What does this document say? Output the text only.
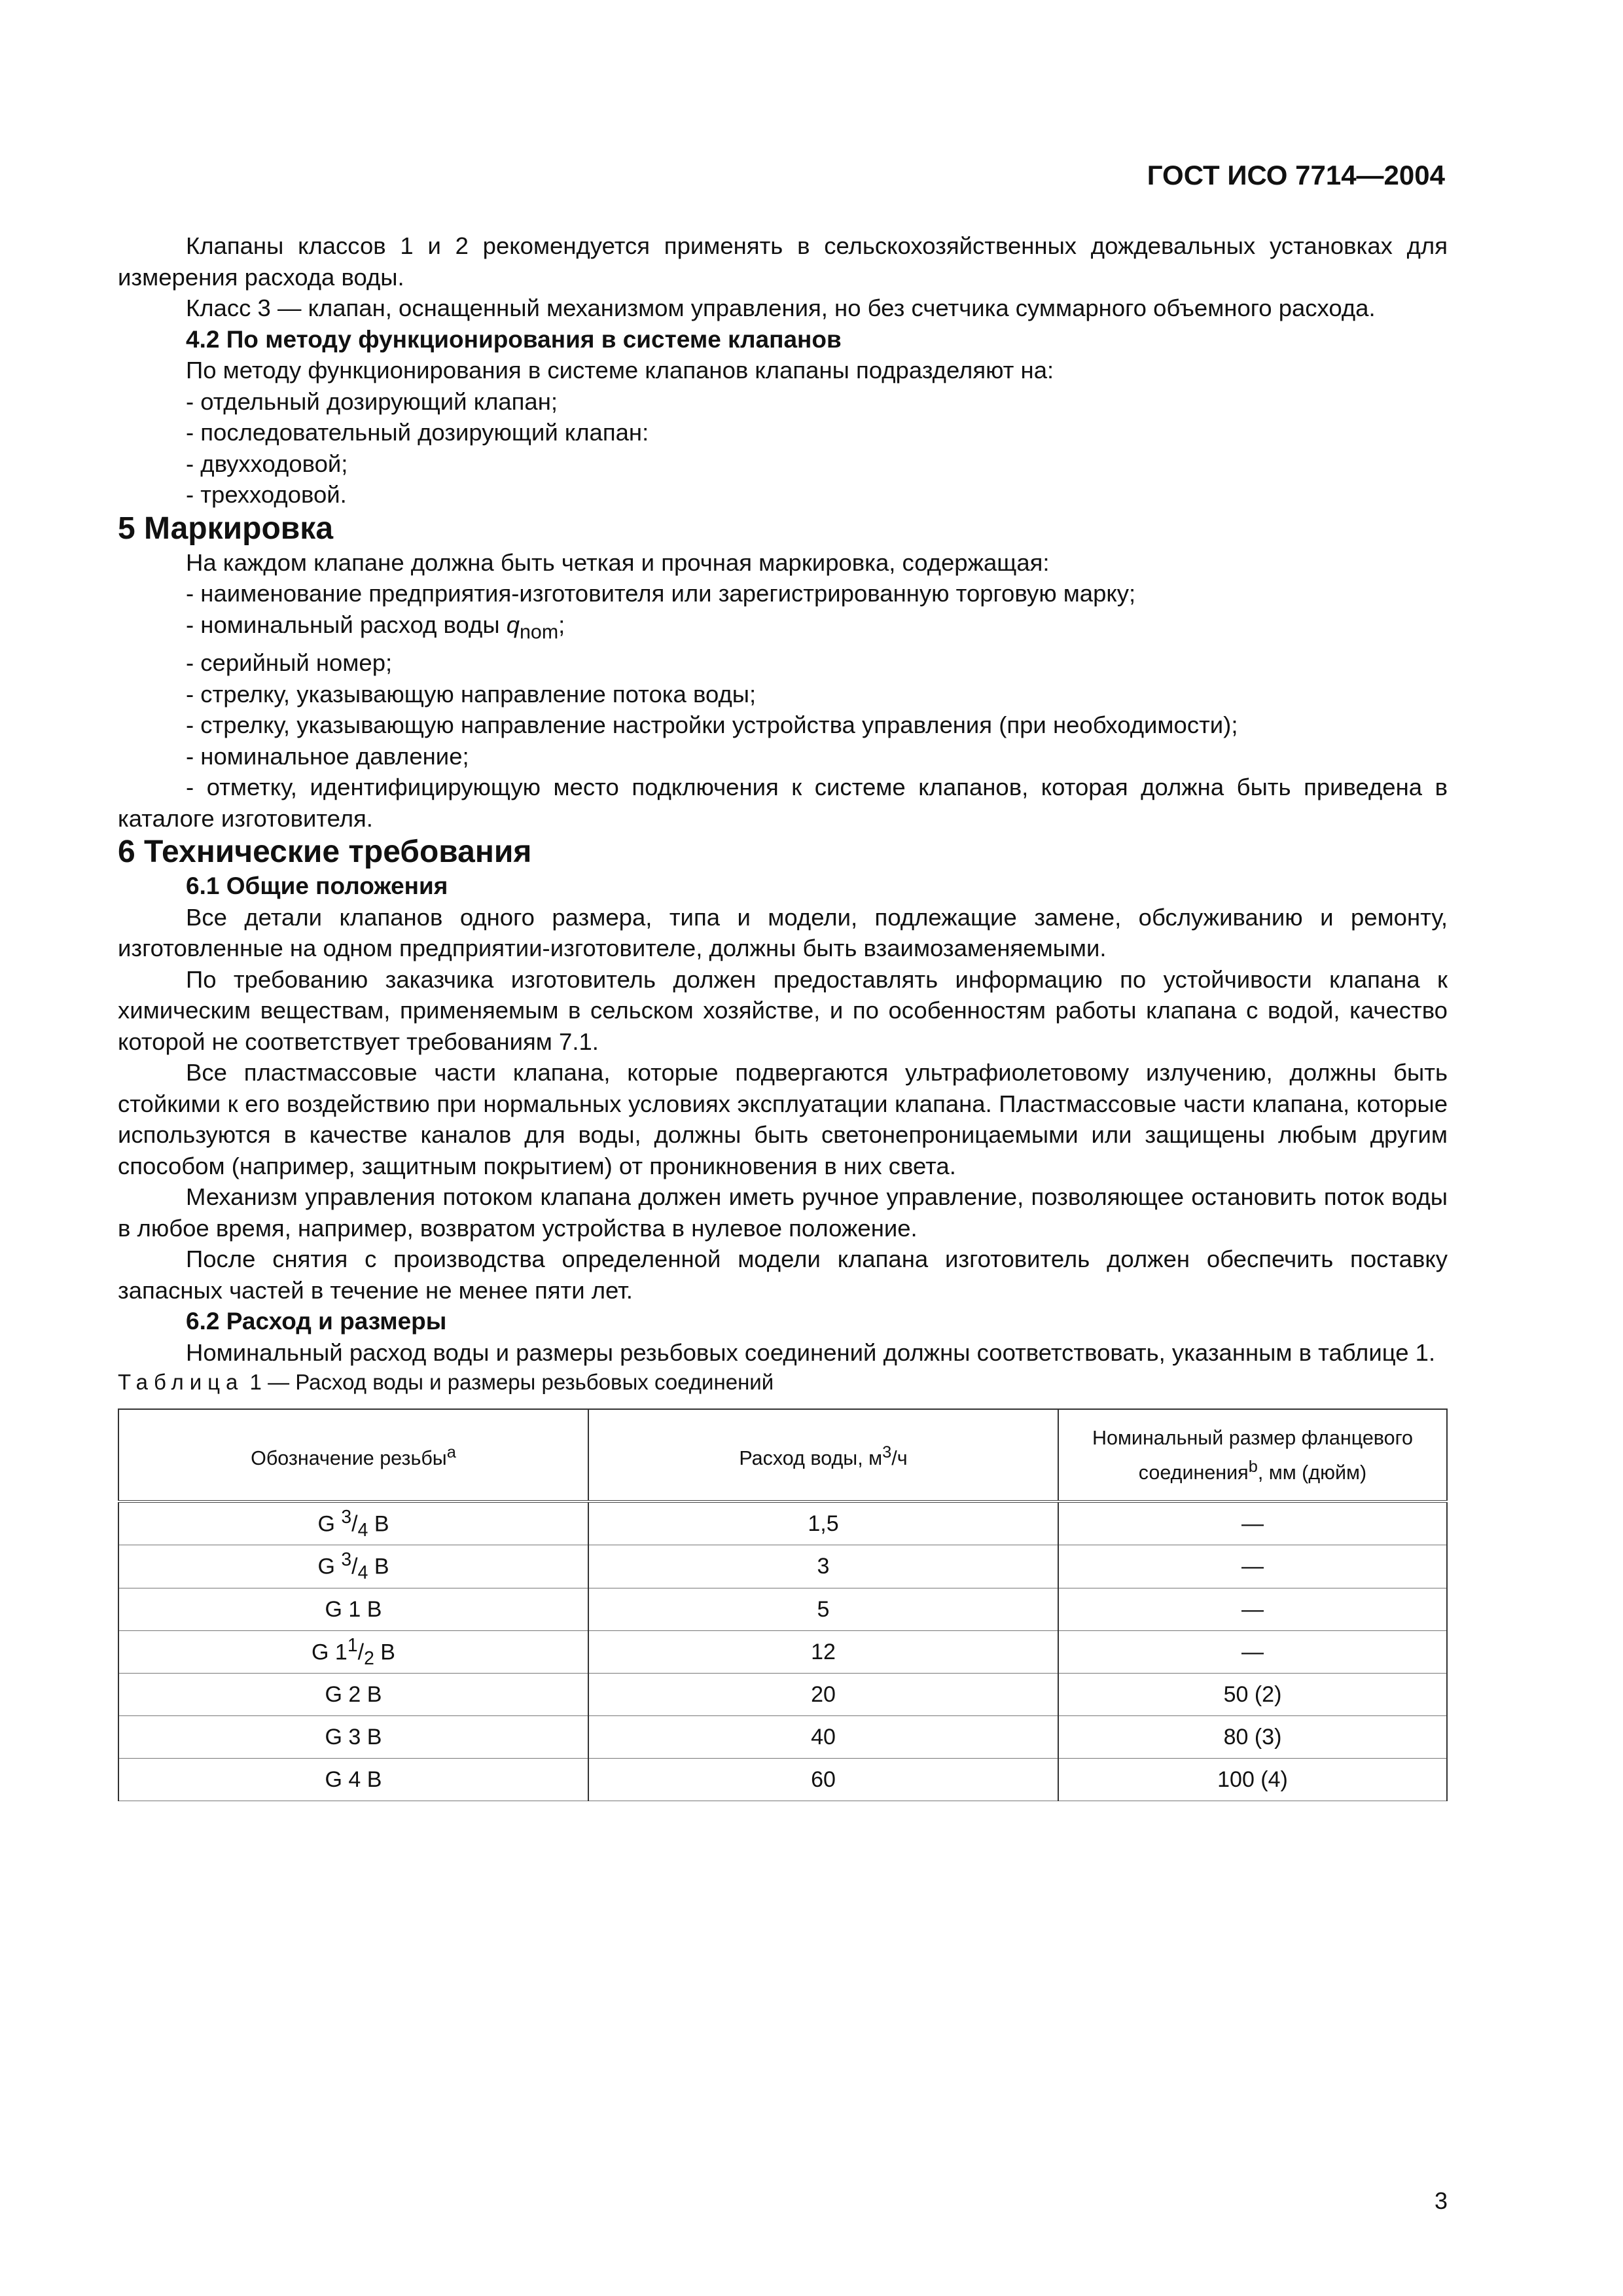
ГОСТ ИСО 7714—2004

Клапаны классов 1 и 2 рекомендуется применять в сельскохозяйственных дождевальных установках для измерения расхода воды.

Класс 3 — клапан, оснащенный механизмом управления, но без счетчика суммарного объемного расхода.

4.2 По методу функционирования в системе клапанов

По методу функционирования в системе клапанов клапаны подразделяют на:

- отдельный дозирующий клапан;
- последовательный дозирующий клапан:
- двухходовой;
- трехходовой.

5 Маркировка

На каждом клапане должна быть четкая и прочная маркировка, содержащая:

- наименование предприятия-изготовителя или зарегистрированную торговую марку;
- номинальный расход воды $q_{nom}$;
- серийный номер;
- стрелку, указывающую направление потока воды;
- стрелку, указывающую направление настройки устройства управления (при необходимости);
- номинальное давление;
- отметку, идентифицирующую место подключения к системе клапанов, которая должна быть приведена в каталоге изготовителя.

6 Технические требования

6.1 Общие положения

Все детали клапанов одного размера, типа и модели, подлежащие замене, обслуживанию и ремонту, изготовленные на одном предприятии-изготовителе, должны быть взаимозаменяемыми.

По требованию заказчика изготовитель должен предоставлять информацию по устойчивости клапана к химическим веществам, применяемым в сельском хозяйстве, и по особенностям работы клапана с водой, качество которой не соответствует требованиям 7.1.

Все пластмассовые части клапана, которые подвергаются ультрафиолетовому излучению, должны быть стойкими к его воздействию при нормальных условиях эксплуатации клапана. Пластмассовые части клапана, которые используются в качестве каналов для воды, должны быть светонепроницаемыми или защищены любым другим способом (например, защитным покрытием) от проникновения в них света.

Механизм управления потоком клапана должен иметь ручное управление, позволяющее остановить поток воды в любое время, например, возвратом устройства в нулевое положение.

После снятия с производства определенной модели клапана изготовитель должен обеспечить поставку запасных частей в течение не менее пяти лет.

6.2 Расход и размеры

Номинальный расход воды и размеры резьбовых соединений должны соответствовать, указанным в таблице 1.

Таблица 1 — Расход воды и размеры резьбовых соединений

Обозначение резьбы$^a$	Расход воды, $м^3/ч$	Номинальный размер фланцевого
соединения$^b$, мм (дюйм)
G $^3/_4$ B	1,5	—
G $^3/_4$ B	3	—
G 1 B	5	—
G $1^1/_2$ B	12	—
G 2 B	20	50 (2)
G 3 B	40	80 (3)
G 4 B	60	100 (4)
3
